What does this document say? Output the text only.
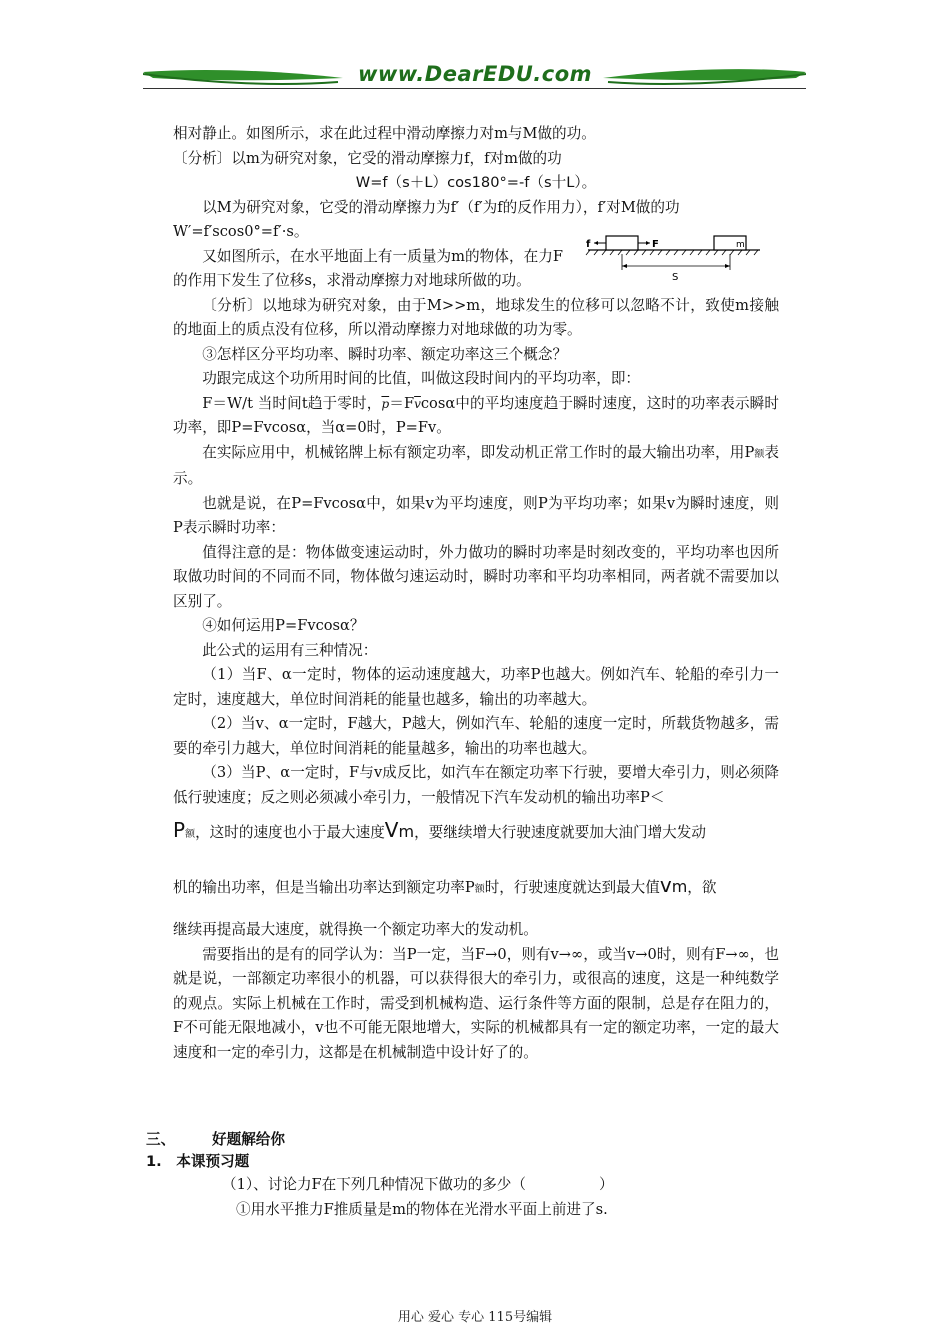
www.DearEDU.com
f	F	m
S

相对静止。如图所示，求在此过程中滑动摩擦力对m与M做的功。

〔分析〕以m为研究对象，它受的滑动摩擦力f，f对m做的功

W=f（s＋L）cos180°=-f（s十L）。

以M为研究对象，它受的滑动摩擦力为f′（f′为f的反作用力），f′对M做的功

W′=f′scos0°=f′·s。

又如图所示，在水平地面上有一质量为m的物体，在力F的作用下发生了位移s，求滑动摩擦力对地球所做的功。

〔分析〕以地球为研究对象，由于M>>m，地球发生的位移可以忽略不计，致使m接触的地面上的质点没有位移，所以滑动摩擦力对地球做的功为零。

③怎样区分平均功率、瞬时功率、额定功率这三个概念？

功跟完成这个功所用时间的比值，叫做这段时间内的平均功率，即：

F＝W/t 当时间t趋于零时，$\overline{p}=F\overline{v}\cos\alpha$中的平均速度趋于瞬时速度，这时的功率表示瞬时功率，即P=Fvcosα，当α=0时，P=Fv。

在实际应用中，机械铭牌上标有额定功率，即发动机正常工作时的最大输出功率，用P额表示。

也就是说，在P=Fvcosα中，如果v为平均速度，则P为平均功率；如果v为瞬时速度，则P表示瞬时功率：

值得注意的是：物体做变速运动时，外力做功的瞬时功率是时刻改变的，平均功率也因所取做功时间的不同而不同，物体做匀速运动时，瞬时功率和平均功率相同，两者就不需要加以区别了。

④如何运用P=Fvcosα？

此公式的运用有三种情况：

（1）当F、α一定时，物体的运动速度越大，功率P也越大。例如汽车、轮船的牵引力一定时，速度越大，单位时间消耗的能量也越多，输出的功率越大。

（2）当v、α一定时，F越大，P越大，例如汽车、轮船的速度一定时，所载货物越多，需要的牵引力越大，单位时间消耗的能量越多，输出的功率也越大。

（3）当P、α一定时，F与v成反比，如汽车在额定功率下行驶，要增大牵引力，则必须降低行驶速度；反之则必须减小牵引力，一般情况下汽车发动机的输出功率P＜

P额，这时的速度也小于最大速度Vm，要继续增大行驶速度就要加大油门增大发动

机的输出功率，但是当输出功率达到额定功率P额时，行驶速度就达到最大值vm，欲

继续再提高最大速度，就得换一个额定功率大的发动机。

需要指出的是有的同学认为：当P一定，当F→0，则有v→∞，或当v→0时，则有F→∞，也就是说，一部额定功率很小的机器，可以获得很大的牵引力，或很高的速度，这是一种纯数学的观点。实际上机械在工作时，需受到机械构造、运行条件等方面的限制，总是存在阻力的，F不可能无限地减小，v也不可能无限地增大，实际的机械都具有一定的额定功率，一定的最大速度和一定的牵引力，这都是在机械制造中设计好了的。

三、	好题解给你
1.　本课预习题
（1）、讨论力F在下列几种情况下做功的多少（　　　　　）
①用水平推力F推质量是m的物体在光滑水平面上前进了s.
用心 爱心 专心 115号编辑
